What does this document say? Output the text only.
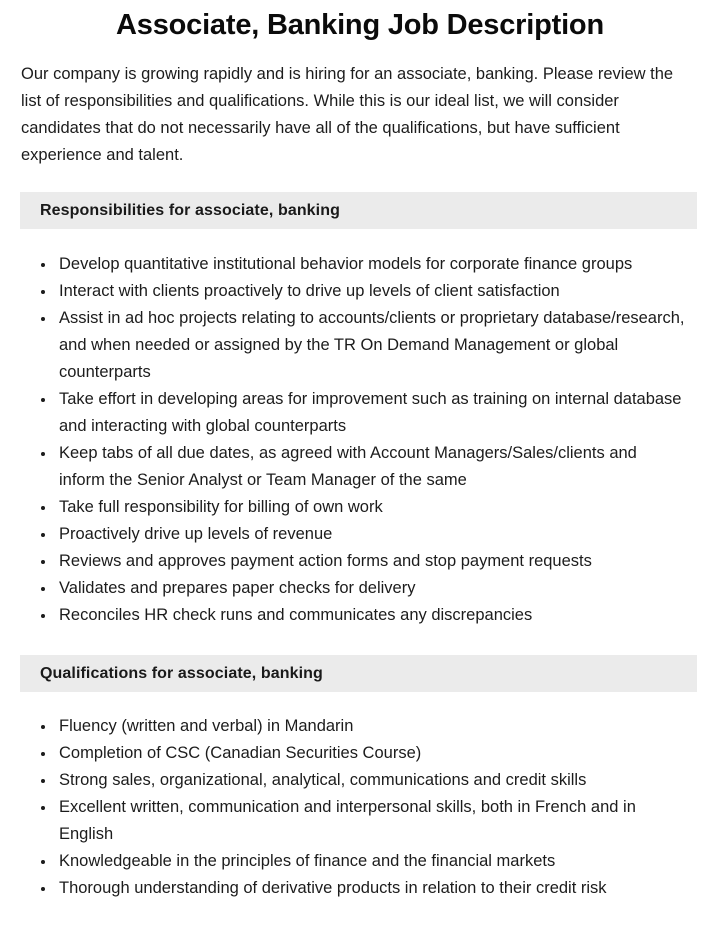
Associate, Banking Job Description

Our company is growing rapidly and is hiring for an associate, banking. Please review the list of responsibilities and qualifications. While this is our ideal list, we will consider candidates that do not necessarily have all of the qualifications, but have sufficient experience and talent.

Responsibilities for associate, banking
Develop quantitative institutional behavior models for corporate finance groups
Interact with clients proactively to drive up levels of client satisfaction
Assist in ad hoc projects relating to accounts/clients or proprietary database/research, and when needed or assigned by the TR On Demand Management or global counterparts
Take effort in developing areas for improvement such as training on internal database and interacting with global counterparts
Keep tabs of all due dates, as agreed with Account Managers/Sales/clients and inform the Senior Analyst or Team Manager of the same
Take full responsibility for billing of own work
Proactively drive up levels of revenue
Reviews and approves payment action forms and stop payment requests
Validates and prepares paper checks for delivery
Reconciles HR check runs and communicates any discrepancies
Qualifications for associate, banking
Fluency (written and verbal) in Mandarin
Completion of CSC (Canadian Securities Course)
Strong sales, organizational, analytical, communications and credit skills
Excellent written, communication and interpersonal skills, both in French and in English
Knowledgeable in the principles of finance and the financial markets
Thorough understanding of derivative products in relation to their credit risk
